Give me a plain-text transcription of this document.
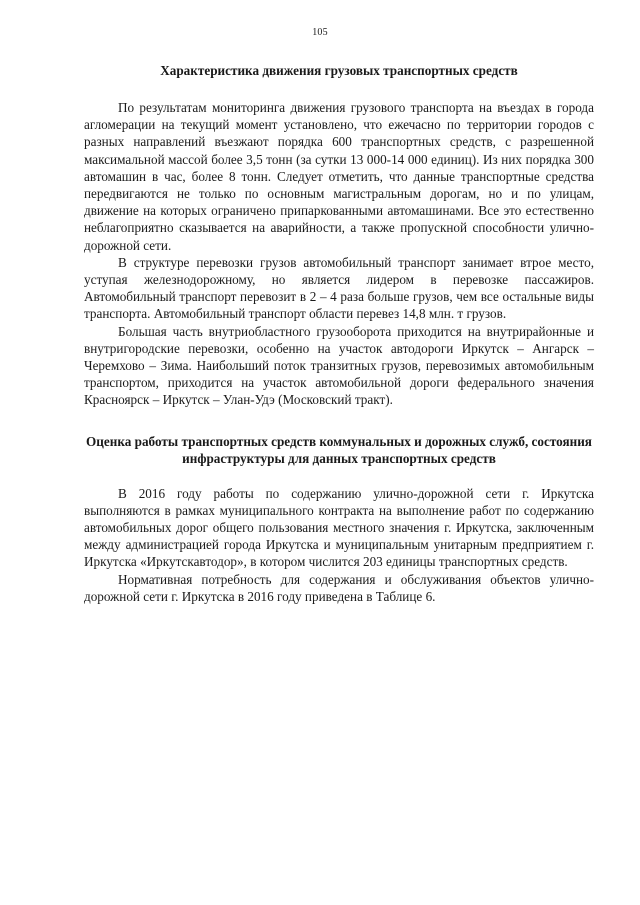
105
Характеристика движения грузовых транспортных средств

По результатам мониторинга движения грузового транспорта на въездах в города агломерации на текущий момент установлено, что ежечасно по территории городов с разных направлений въезжают порядка 600 транспортных средств, с разрешенной максимальной массой более 3,5 тонн (за сутки 13 000-14 000 единиц). Из них порядка 300 автомашин в час, более 8 тонн. Следует отметить, что данные транспортные средства передвигаются не только по основным магистральным дорогам, но и по улицам, движение на которых ограничено припаркованными автомашинами. Все это естественно неблагоприятно сказывается на аварийности, а также пропускной способности улично-дорожной сети.

В структуре перевозки грузов автомобильный транспорт занимает втрое место, уступая железнодорожному, но является лидером в перевозке пассажиров. Автомобильный транспорт перевозит в 2 – 4 раза больше грузов, чем все остальные виды транспорта. Автомобильный транспорт области перевез 14,8 млн. т грузов.

Большая часть внутриобластного грузооборота приходится на внутрирайонные и внутригородские перевозки, особенно на участок автодороги Иркутск – Ангарск – Черемхово – Зима. Наибольший поток транзитных грузов, перевозимых автомобильным транспортом, приходится на участок автомобильной дороги федерального значения Красноярск – Иркутск – Улан-Удэ (Московский тракт).

Оценка работы транспортных средств коммунальных и дорожных служб, состояния инфраструктуры для данных транспортных средств

В 2016 году работы по содержанию улично-дорожной сети г. Иркутска выполняются в рамках муниципального контракта на выполнение работ по содержанию автомобильных дорог общего пользования местного значения г. Иркутска, заключенным между администрацией города Иркутска и муниципальным унитарным предприятием г. Иркутска «Иркутскавтодор», в котором числится 203 единицы транспортных средств.

Нормативная потребность для содержания и обслуживания объектов улично-дорожной сети г. Иркутска в 2016 году приведена в Таблице 6.
